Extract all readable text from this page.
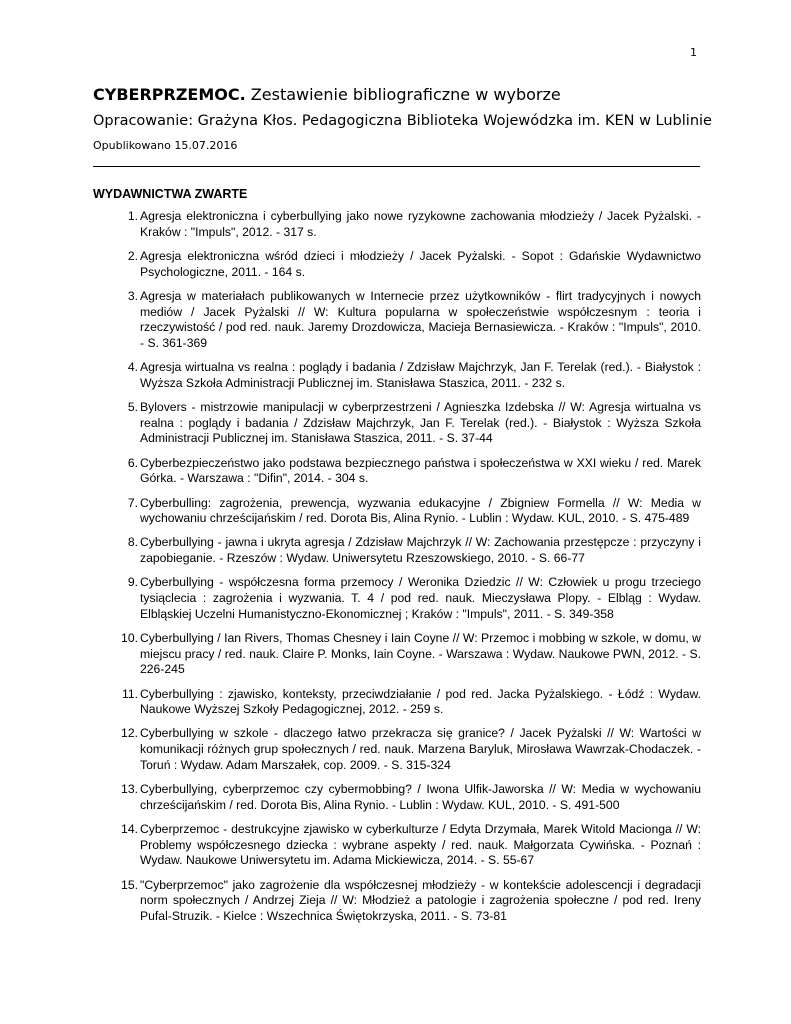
1
CYBERPRZEMOC. Zestawienie bibliograficzne w wyborze
Opracowanie: Grażyna Kłos. Pedagogiczna Biblioteka Wojewódzka im. KEN w Lublinie
Opublikowano 15.07.2016
WYDAWNICTWA ZWARTE
1. Agresja elektroniczna i cyberbullying jako nowe ryzykowne zachowania młodzieży / Jacek Pyżalski. - Kraków : "Impuls", 2012. - 317 s.
2. Agresja elektroniczna wśród dzieci i młodzieży / Jacek Pyżalski. - Sopot : Gdańskie Wydawnictwo Psychologiczne, 2011. - 164 s.
3. Agresja w materiałach publikowanych w Internecie przez użytkowników - flirt tradycyjnych i nowych mediów / Jacek Pyżalski // W: Kultura popularna w społeczeństwie współczesnym : teoria i rzeczywistość / pod red. nauk. Jaremy Drozdowicza, Macieja Bernasiewicza. - Kraków : "Impuls", 2010. - S. 361-369
4. Agresja wirtualna vs realna : poglądy i badania / Zdzisław Majchrzyk, Jan F. Terelak (red.). - Białystok : Wyższa Szkoła Administracji Publicznej im. Stanisława Staszica, 2011. - 232 s.
5. Bylovers - mistrzowie manipulacji w cyberprzestrzeni / Agnieszka Izdebska // W: Agresja wirtualna vs realna : poglądy i badania / Zdzisław Majchrzyk, Jan F. Terelak (red.). - Białystok : Wyższa Szkoła Administracji Publicznej im. Stanisława Staszica, 2011. - S. 37-44
6. Cyberbezpieczeństwo jako podstawa bezpiecznego państwa i społeczeństwa w XXI wieku / red. Marek Górka. - Warszawa : "Difin", 2014. - 304 s.
7. Cyberbulling: zagrożenia, prewencja, wyzwania edukacyjne / Zbigniew Formella // W: Media w wychowaniu chrześcijańskim / red. Dorota Bis, Alina Rynio. - Lublin : Wydaw. KUL, 2010. - S. 475-489
8. Cyberbullying - jawna i ukryta agresja / Zdzisław Majchrzyk // W: Zachowania przestępcze : przyczyny i zapobieganie. - Rzeszów : Wydaw. Uniwersytetu Rzeszowskiego, 2010. - S. 66-77
9. Cyberbullying - współczesna forma przemocy / Weronika Dziedzic // W: Człowiek u progu trzeciego tysiąclecia : zagrożenia i wyzwania. T. 4 / pod red. nauk. Mieczysława Plopy. - Elbląg : Wydaw. Elbląskiej Uczelni Humanistyczno-Ekonomicznej ; Kraków : "Impuls", 2011. - S. 349-358
10. Cyberbullying / Ian Rivers, Thomas Chesney i Iain Coyne // W: Przemoc i mobbing w szkole, w domu, w miejscu pracy / red. nauk. Claire P. Monks, Iain Coyne. - Warszawa : Wydaw. Naukowe PWN, 2012. - S. 226-245
11. Cyberbullying : zjawisko, konteksty, przeciwdziałanie / pod red. Jacka Pyżalskiego. - Łódź : Wydaw. Naukowe Wyższej Szkoły Pedagogicznej, 2012. - 259 s.
12. Cyberbullying w szkole - dlaczego łatwo przekracza się granice? / Jacek Pyżalski // W: Wartości w komunikacji różnych grup społecznych / red. nauk. Marzena Baryluk, Mirosława Wawrzak-Chodaczek. - Toruń : Wydaw. Adam Marszałek, cop. 2009. - S. 315-324
13. Cyberbullying, cyberprzemoc czy cybermobbing? / Iwona Ulfik-Jaworska // W: Media w wychowaniu chrześcijańskim / red. Dorota Bis, Alina Rynio. - Lublin : Wydaw. KUL, 2010. - S. 491-500
14. Cyberprzemoc - destrukcyjne zjawisko w cyberkulturze / Edyta Drzymała, Marek Witold Macionga // W: Problemy współczesnego dziecka : wybrane aspekty / red. nauk. Małgorzata Cywińska. - Poznań : Wydaw. Naukowe Uniwersytetu im. Adama Mickiewicza, 2014. - S. 55-67
15. "Cyberprzemoc" jako zagrożenie dla współczesnej młodzieży - w kontekście adolescencji i degradacji norm społecznych / Andrzej Zieja // W: Młodzież a patologie i zagrożenia społeczne / pod red. Ireny Pufal-Struzik. - Kielce : Wszechnica Świętokrzyska, 2011. - S. 73-81
